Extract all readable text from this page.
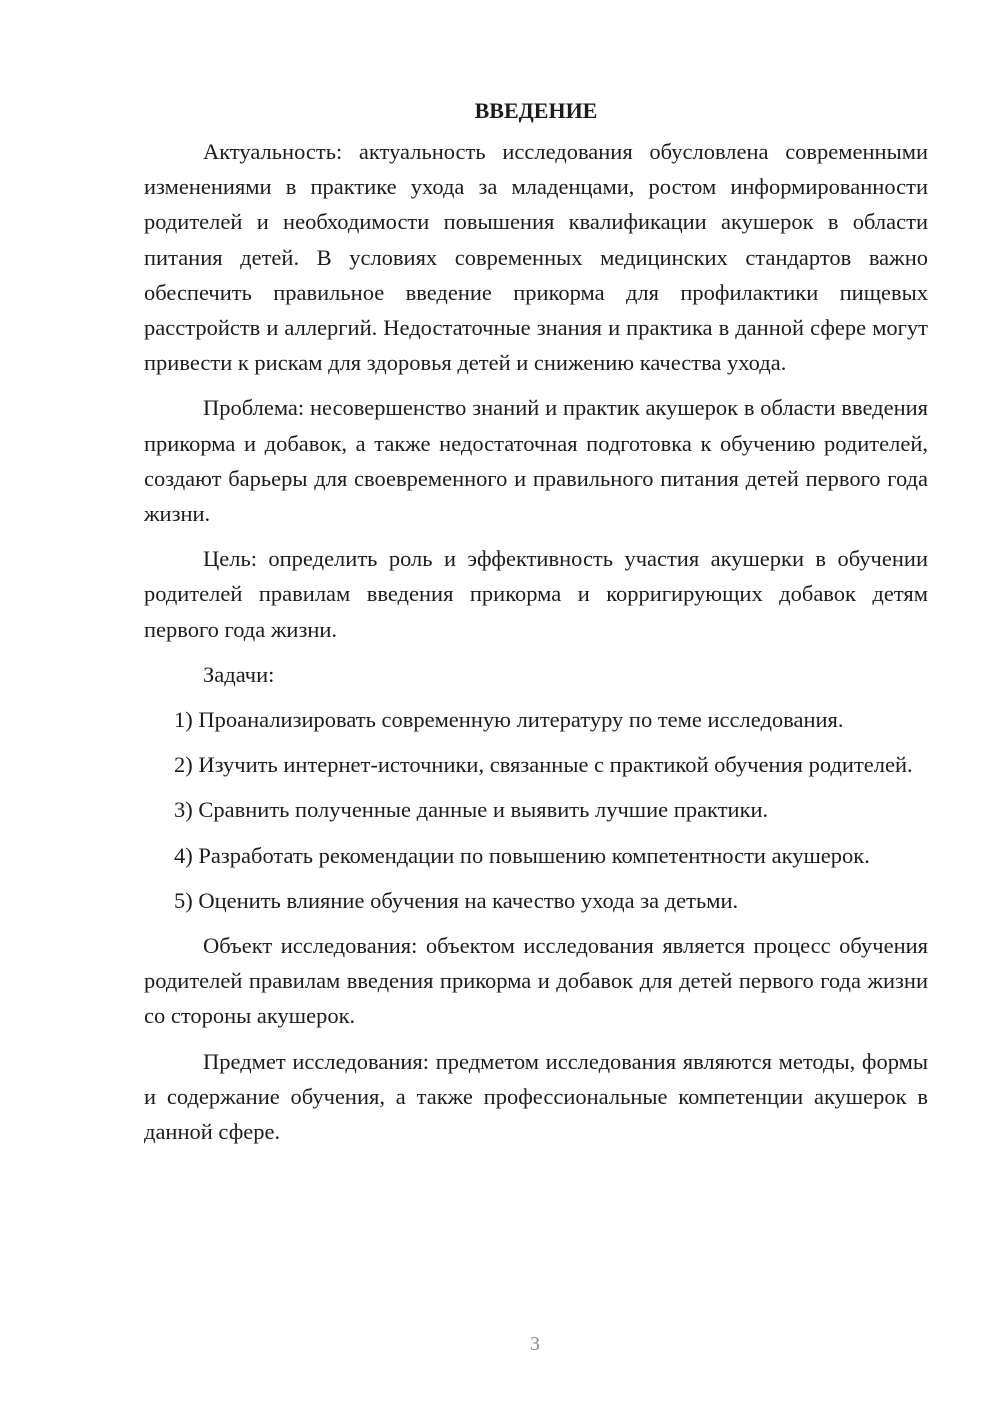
ВВЕДЕНИЕ

Актуальность: актуальность исследования обусловлена современными изменениями в практике ухода за младенцами, ростом информированности родителей и необходимости повышения квалификации акушерок в области питания детей. В условиях современных медицинских стандартов важно обеспечить правильное введение прикорма для профилактики пищевых расстройств и аллергий. Недостаточные знания и практика в данной сфере могут привести к рискам для здоровья детей и снижению качества ухода.

Проблема: несовершенство знаний и практик акушерок в области введения прикорма и добавок, а также недостаточная подготовка к обучению родителей, создают барьеры для своевременного и правильного питания детей первого года жизни.

Цель: определить роль и эффективность участия акушерки в обучении родителей правилам введения прикорма и корригирующих добавок детям первого года жизни.

Задачи:

1) Проанализировать современную литературу по теме исследования.

2) Изучить интернет-источники, связанные с практикой обучения родителей.

3) Сравнить полученные данные и выявить лучшие практики.

4) Разработать рекомендации по повышению компетентности акушерок.

5) Оценить влияние обучения на качество ухода за детьми.

Объект исследования: объектом исследования является процесс обучения родителей правилам введения прикорма и добавок для детей первого года жизни со стороны акушерок.

Предмет исследования: предметом исследования являются методы, формы и содержание обучения, а также профессиональные компетенции акушерок в данной сфере.

3
